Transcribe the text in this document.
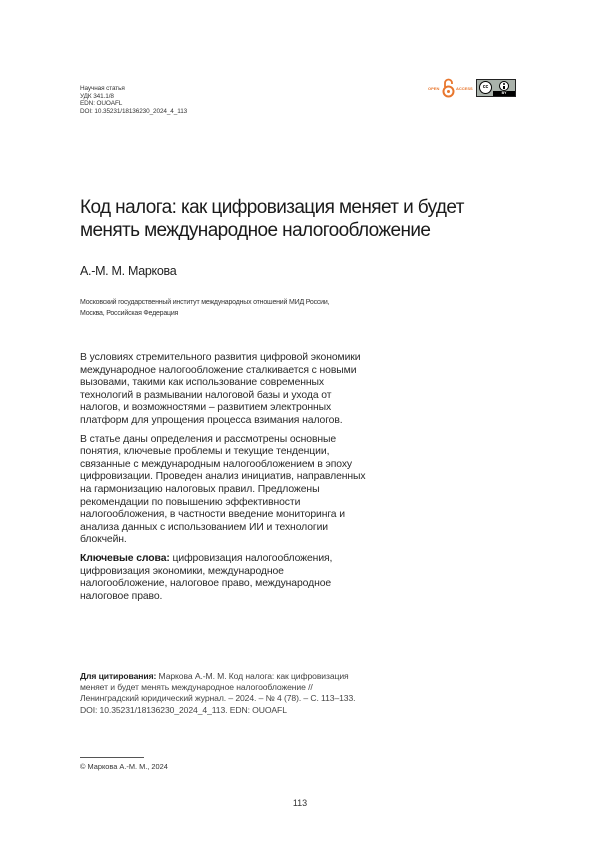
Научная статья
УДК 341.1/8
EDN: OUOAFL
DOI: 10.35231/18136230_2024_4_113
OPEN	ACCESS	cc
BY
Код налога: как цифровизация меняет и будет менять международное налогообложение
А.-М. М. Маркова
Московский государственный институт международных отношений МИД России,
Москва, Российская Федерация

В условиях стремительного развития цифровой экономики международное налогообложение сталкивается с новыми вызовами, такими как использование современных технологий в размывании налоговой базы и ухода от налогов, и возможностями – развитием электронных платформ для упрощения процесса взимания налогов.

В статье даны определения и рассмотрены основные понятия, ключевые проблемы и текущие тенденции, связанные с международным налогообложением в эпоху цифровизации. Проведен анализ инициатив, направленных на гармонизацию налоговых правил. Предложены рекомендации по повышению эффективности налогообложения, в частности введение мониторинга и анализа данных с использованием ИИ и технологии блокчейн.

Ключевые слова: цифровизация налогообложения, цифровизация экономики, международное налогообложение, налоговое право, международное налоговое право.

Для цитирования: Маркова А.-М. М. Код налога: как цифровизация меняет и будет менять международное налогообложение // Ленинградский юридический журнал. – 2024. – № 4 (78). – С. 113–133. DOI: 10.35231/18136230_2024_4_113. EDN: OUOAFL
© Маркова А.-М. М., 2024
113
